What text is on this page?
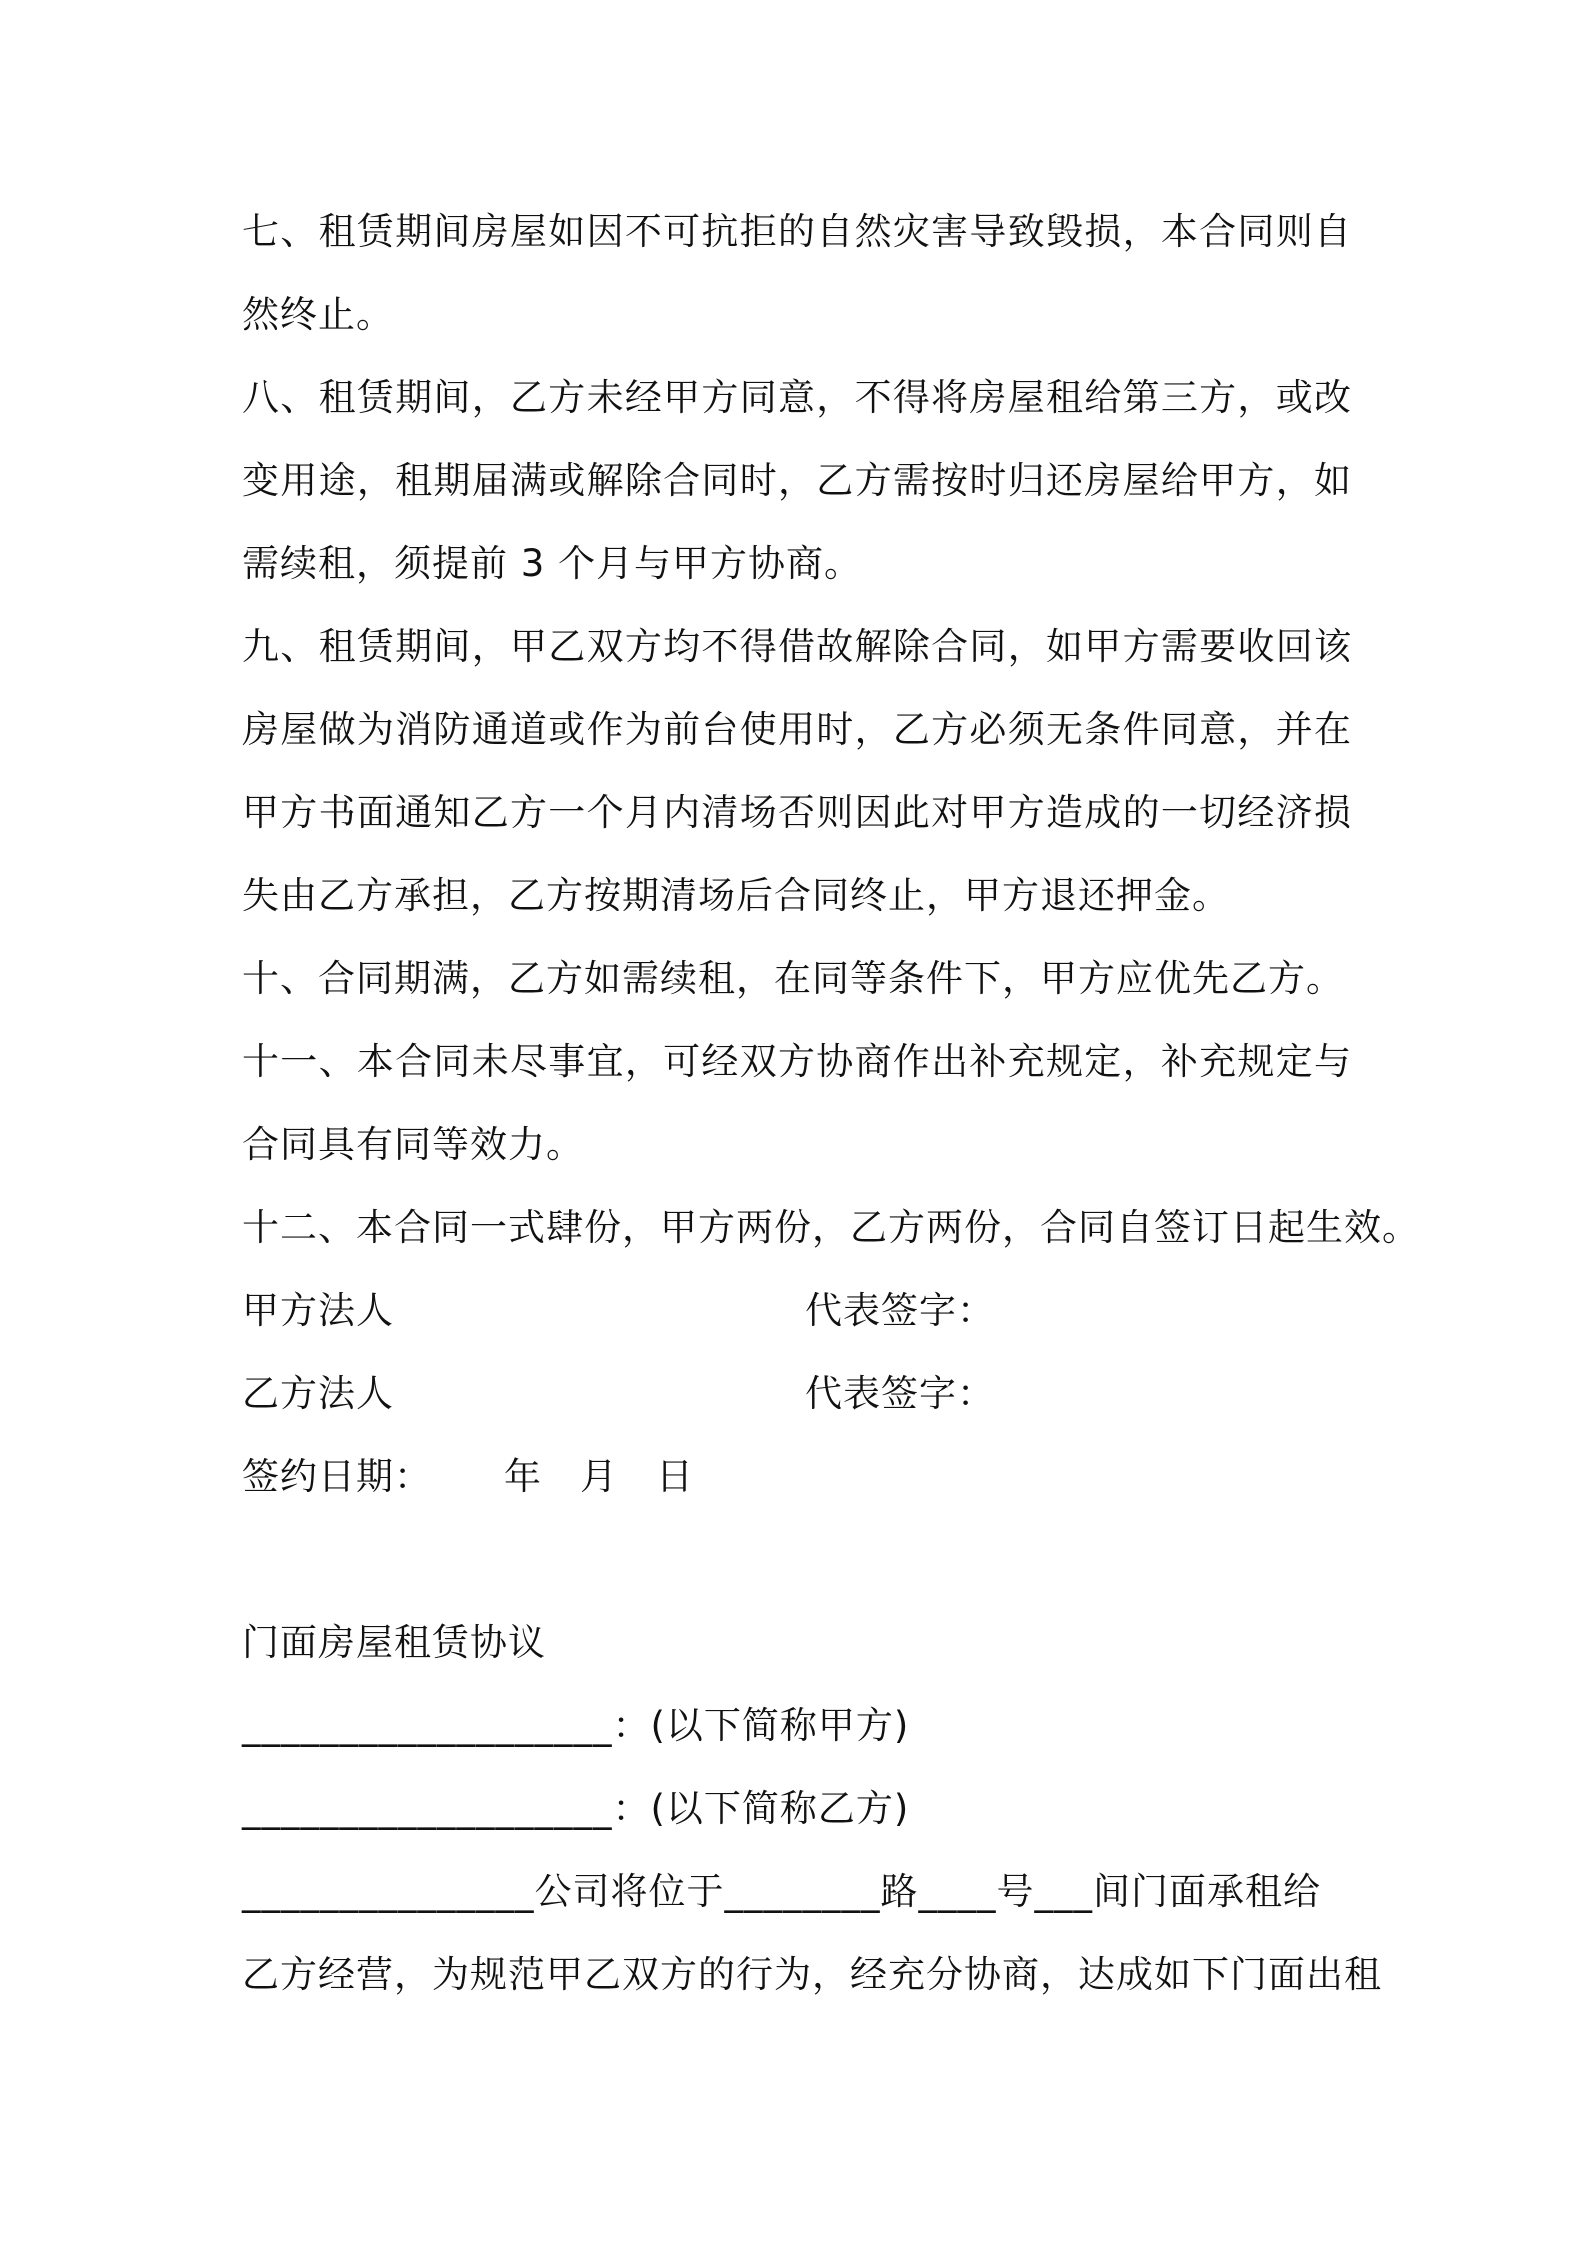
七、租赁期间房屋如因不可抗拒的自然灾害导致毁损，本合同则自然终止。

八、租赁期间，乙方未经甲方同意，不得将房屋租给第三方，或改变用途，租期届满或解除合同时，乙方需按时归还房屋给甲方，如需续租，须提前 3 个月与甲方协商。

九、租赁期间，甲乙双方均不得借故解除合同，如甲方需要收回该房屋做为消防通道或作为前台使用时，乙方必须无条件同意，并在甲方书面通知乙方一个月内清场否则因此对甲方造成的一切经济损失由乙方承担，乙方按期清场后合同终止，甲方退还押金。

十、合同期满，乙方如需续租，在同等条件下，甲方应优先乙方。

十一、本合同未尽事宜，可经双方协商作出补充规定，补充规定与合同具有同等效力。

十二、本合同一式肆份，甲方两份，乙方两份，合同自签订日起生效。

甲方法人	代表签字：
乙方法人	代表签字：
签约日期： 年 月 日

门面房屋租赁协议

___________________：(以下简称甲方)

___________________：(以下简称乙方)

_______________公司将位于________路____号___间门面承租给

乙方经营，为规范甲乙双方的行为，经充分协商，达成如下门面出租
